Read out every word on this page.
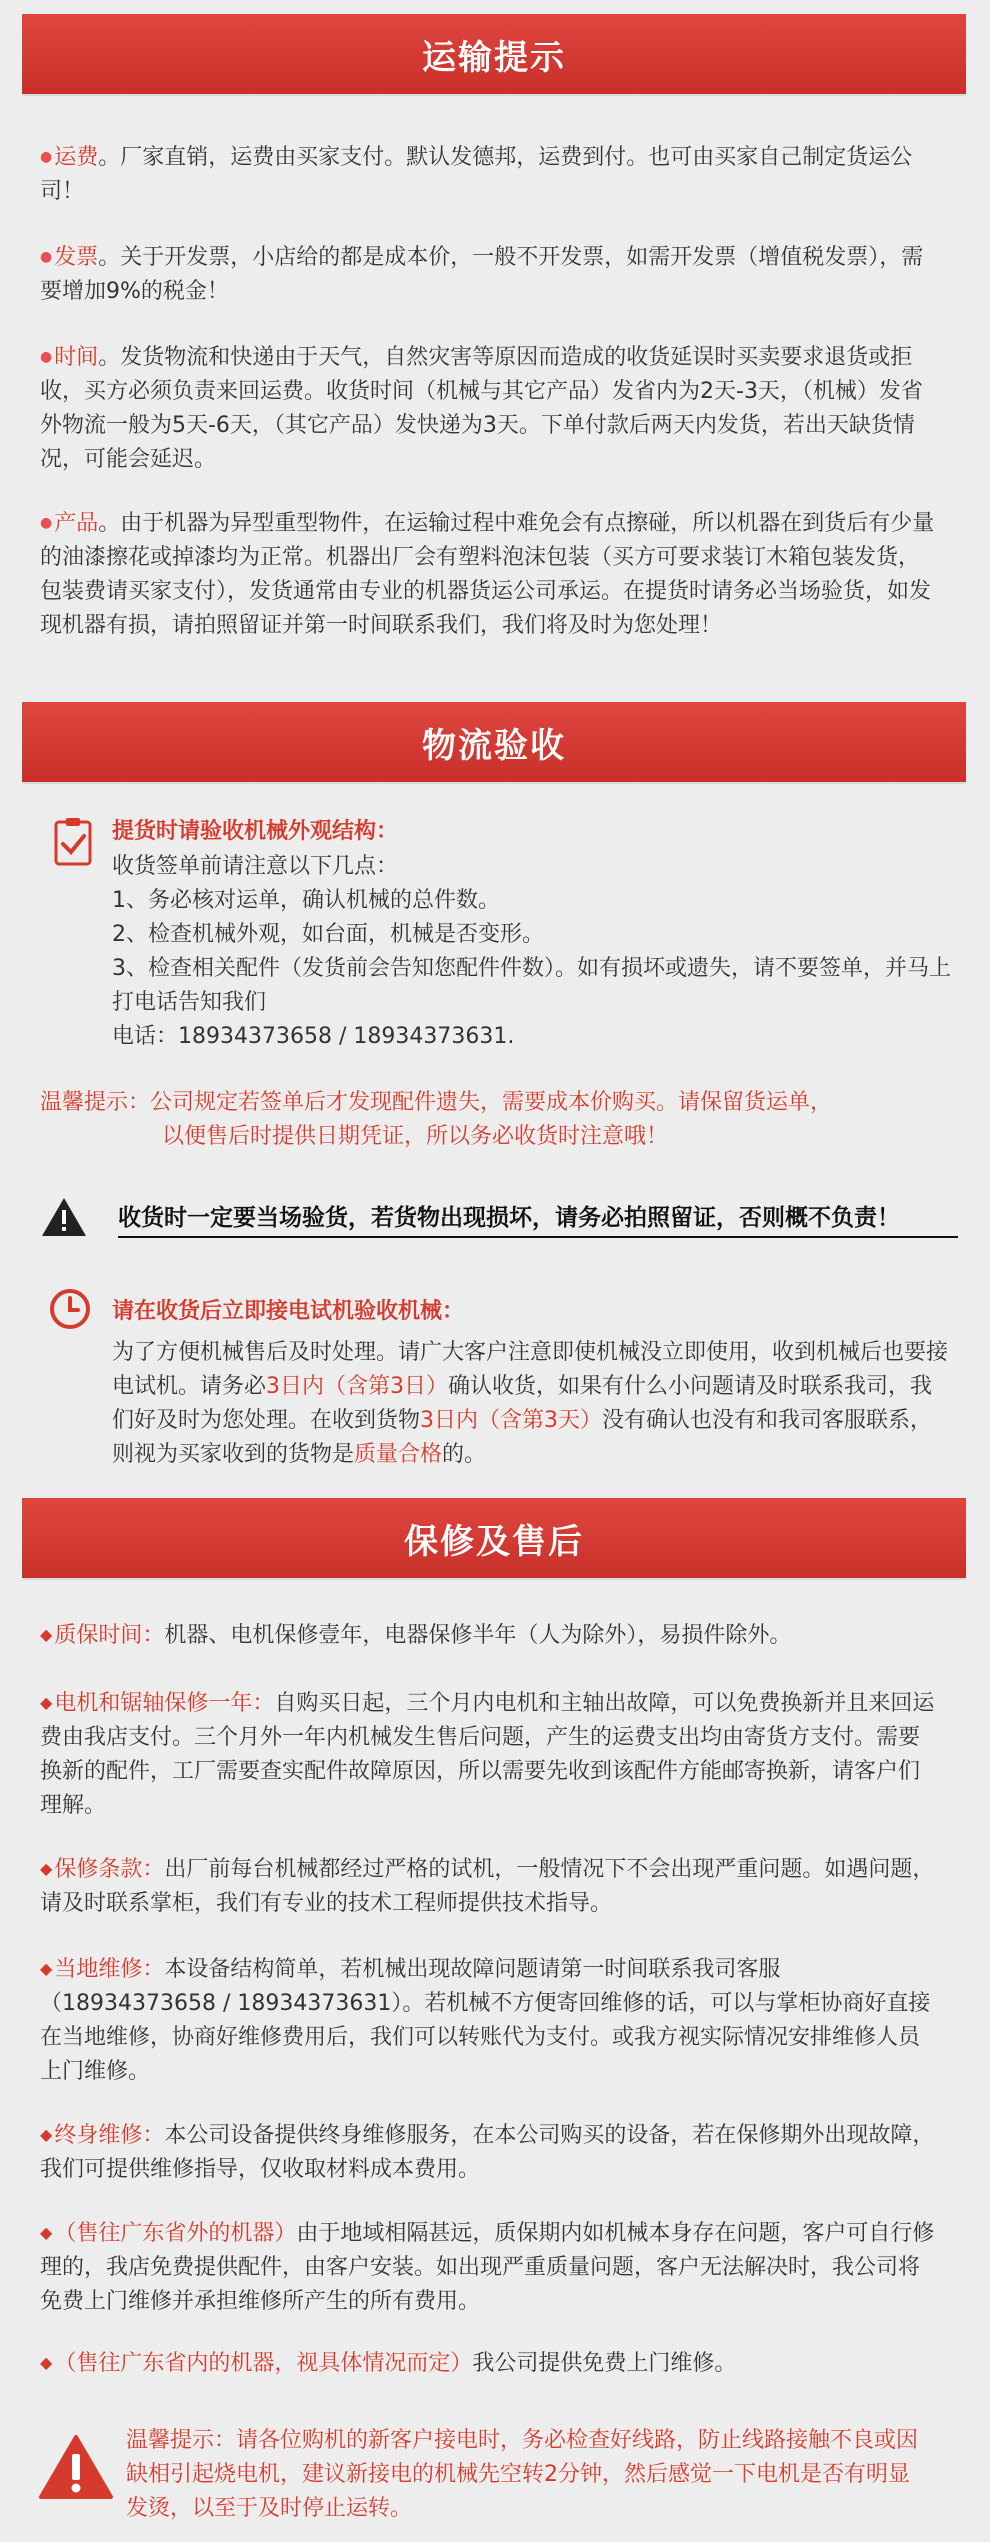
运输提示
●运费。厂家直销，运费由买家支付。默认发德邦，运费到付。也可由买家自己制定货运公司！
●发票。关于开发票，小店给的都是成本价，一般不开发票，如需开发票（增值税发票），需要增加9%的税金！
●时间。发货物流和快递由于天气，自然灾害等原因而造成的收货延误时买卖要求退货或拒收，买方必须负责来回运费。收货时间（机械与其它产品）发省内为2天-3天，（机械）发省外物流一般为5天-6天，（其它产品）发快递为3天。下单付款后两天内发货，若出天缺货情况，可能会延迟。
●产品。由于机器为异型重型物件，在运输过程中难免会有点擦碰，所以机器在到货后有少量的油漆擦花或掉漆均为正常。机器出厂会有塑料泡沫包装（买方可要求装订木箱包装发货，包装费请买家支付），发货通常由专业的机器货运公司承运。在提货时请务必当场验货，如发现机器有损，请拍照留证并第一时间联系我们，我们将及时为您处理！
物流验收
提货时请验收机械外观结构：
收货签单前请注意以下几点：
1、务必核对运单，确认机械的总件数。
2、检查机械外观，如台面，机械是否变形。
3、检查相关配件（发货前会告知您配件件数）。如有损坏或遗失，请不要签单，并马上打电话告知我们
电话：18934373658 / 18934373631.
温馨提示：公司规定若签单后才发现配件遗失，需要成本价购买。请保留货运单，
以便售后时提供日期凭证，所以务必收货时注意哦！
收货时一定要当场验货，若货物出现损坏，请务必拍照留证，否则概不负责！
请在收货后立即接电试机验收机械：
为了方便机械售后及时处理。请广大客户注意即使机械没立即使用，收到机械后也要接电试机。请务必3日内（含第3日）确认收货，如果有什么小问题请及时联系我司，我们好及时为您处理。在收到货物3日内（含第3天）没有确认也没有和我司客服联系，则视为买家收到的货物是质量合格的。
保修及售后
◆质保时间：机器、电机保修壹年，电器保修半年（人为除外），易损件除外。
◆电机和锯轴保修一年：自购买日起，三个月内电机和主轴出故障，可以免费换新并且来回运费由我店支付。三个月外一年内机械发生售后问题，产生的运费支出均由寄货方支付。需要换新的配件，工厂需要查实配件故障原因，所以需要先收到该配件方能邮寄换新，请客户们理解。
◆保修条款：出厂前每台机械都经过严格的试机，一般情况下不会出现严重问题。如遇问题，请及时联系掌柜，我们有专业的技术工程师提供技术指导。
◆当地维修：本设备结构简单，若机械出现故障问题请第一时间联系我司客服（18934373658 / 18934373631）。若机械不方便寄回维修的话，可以与掌柜协商好直接在当地维修，协商好维修费用后，我们可以转账代为支付。或我方视实际情况安排维修人员上门维修。
◆终身维修：本公司设备提供终身维修服务，在本公司购买的设备，若在保修期外出现故障，我们可提供维修指导，仅收取材料成本费用。
◆（售往广东省外的机器）由于地域相隔甚远，质保期内如机械本身存在问题，客户可自行修理的，我店免费提供配件，由客户安装。如出现严重质量问题，客户无法解决时，我公司将免费上门维修并承担维修所产生的所有费用。
◆（售往广东省内的机器，视具体情况而定）我公司提供免费上门维修。
温馨提示：请各位购机的新客户接电时，务必检查好线路，防止线路接触不良或因缺相引起烧电机，建议新接电的机械先空转2分钟，然后感觉一下电机是否有明显发烫，以至于及时停止运转。
